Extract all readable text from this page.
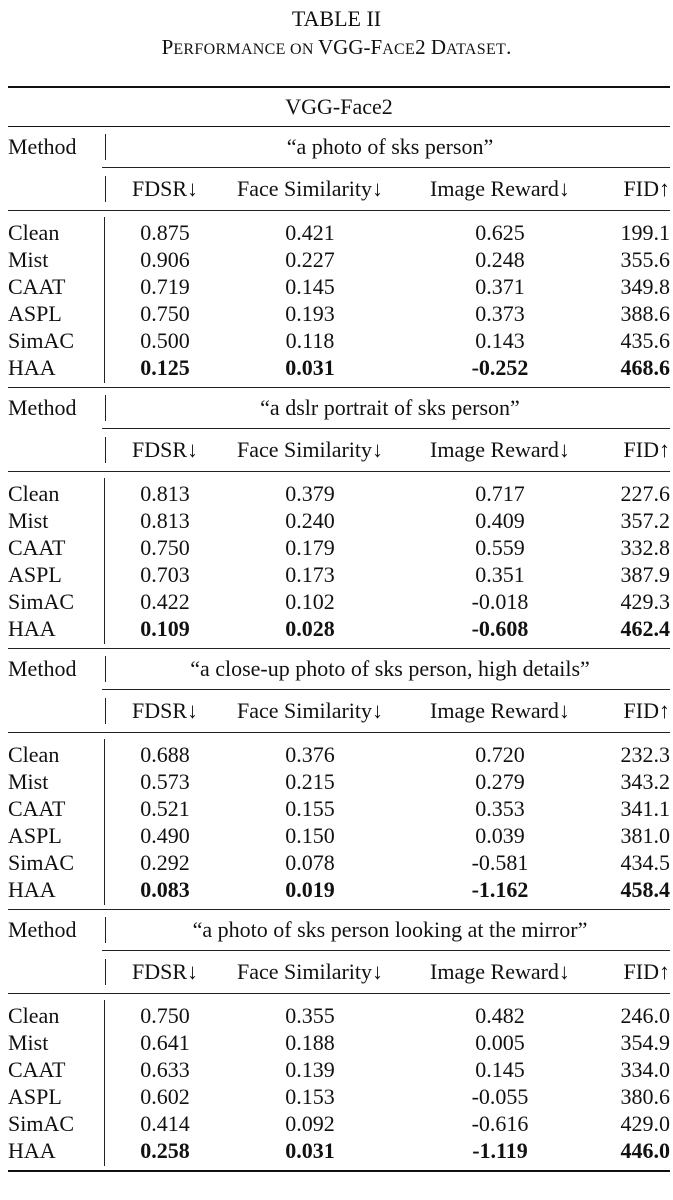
TABLE II
PERFORMANCE ON VGG-FACE2 DATASET.
VGG-Face2
Method	“a photo of sks person”
FDSR↓	Face Similarity↓	Image Reward↓	FID↑
Clean	0.875	0.421	0.625	199.1
Mist	0.906	0.227	0.248	355.6
CAAT	0.719	0.145	0.371	349.8
ASPL	0.750	0.193	0.373	388.6
SimAC	0.500	0.118	0.143	435.6
HAA	0.125	0.031	-0.252	468.6
Method	“a dslr portrait of sks person”
FDSR↓	Face Similarity↓	Image Reward↓	FID↑
Clean	0.813	0.379	0.717	227.6
Mist	0.813	0.240	0.409	357.2
CAAT	0.750	0.179	0.559	332.8
ASPL	0.703	0.173	0.351	387.9
SimAC	0.422	0.102	-0.018	429.3
HAA	0.109	0.028	-0.608	462.4
Method	“a close-up photo of sks person, high details”
FDSR↓	Face Similarity↓	Image Reward↓	FID↑
Clean	0.688	0.376	0.720	232.3
Mist	0.573	0.215	0.279	343.2
CAAT	0.521	0.155	0.353	341.1
ASPL	0.490	0.150	0.039	381.0
SimAC	0.292	0.078	-0.581	434.5
HAA	0.083	0.019	-1.162	458.4
Method	“a photo of sks person looking at the mirror”
FDSR↓	Face Similarity↓	Image Reward↓	FID↑
Clean	0.750	0.355	0.482	246.0
Mist	0.641	0.188	0.005	354.9
CAAT	0.633	0.139	0.145	334.0
ASPL	0.602	0.153	-0.055	380.6
SimAC	0.414	0.092	-0.616	429.0
HAA	0.258	0.031	-1.119	446.0
